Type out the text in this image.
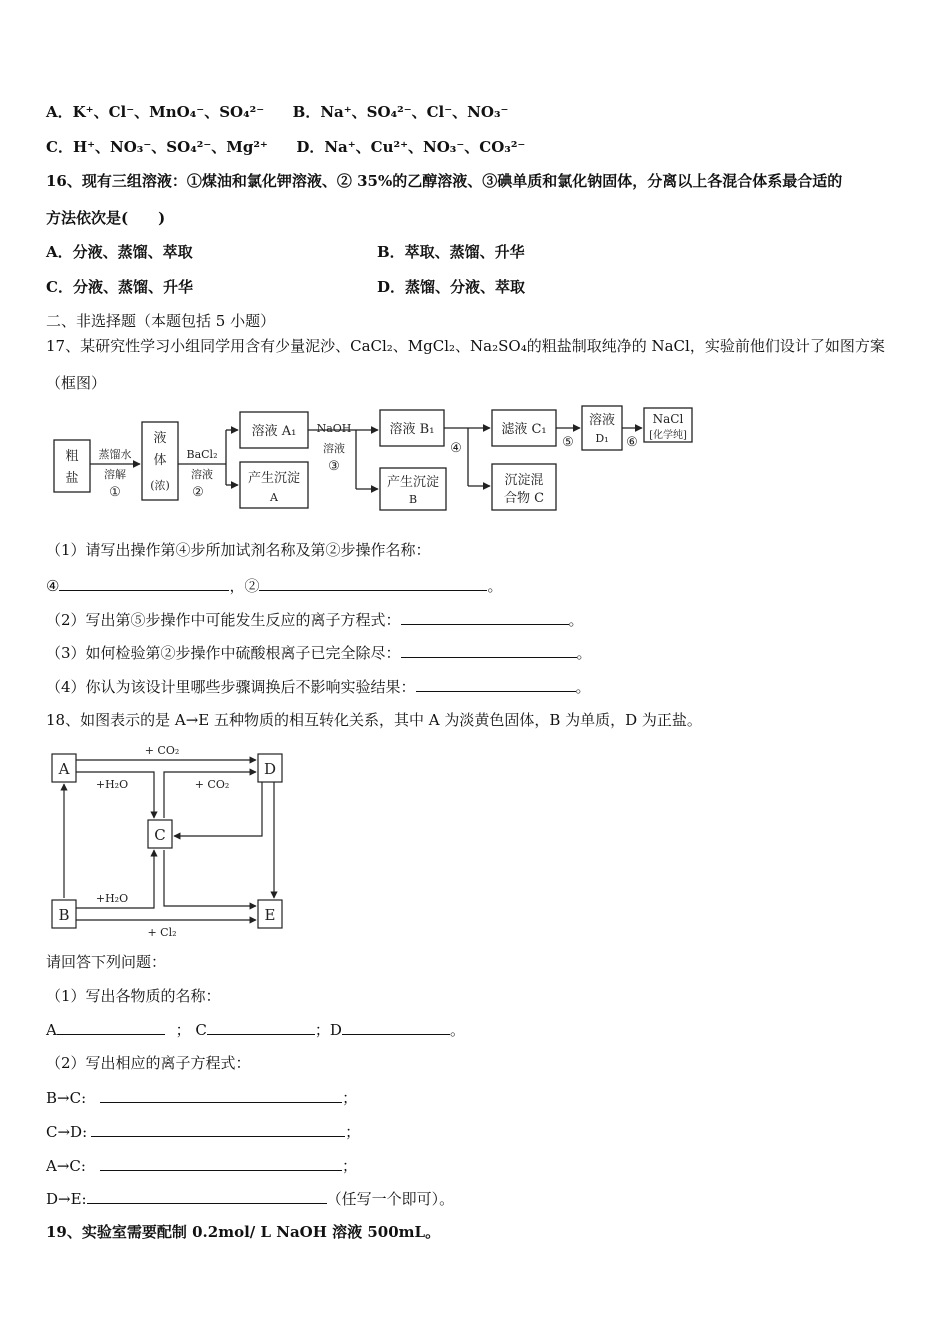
A．K⁺、Cl⁻、MnO₄⁻、SO₄²⁻ B．Na⁺、SO₄²⁻、Cl⁻、NO₃⁻
C．H⁺、NO₃⁻、SO₄²⁻、Mg²⁺ D．Na⁺、Cu²⁺、NO₃⁻、CO₃²⁻
16、现有三组溶液：①煤油和氯化钾溶液、② 35%的乙醇溶液、③碘单质和氯化钠固体，分离以上各混合体系最合适的
方法依次是(　　)
A．分液、蒸馏、萃取	B．萃取、蒸馏、升华
C．分液、蒸馏、升华	D．蒸馏、分液、萃取
二、非选择题（本题包括 5 小题）
17、某研究性学习小组同学用含有少量泥沙、CaCl₂、MgCl₂、Na₂SO₄的粗盐制取纯净的 NaCl，实验前他们设计了如图方案
（框图）
粗
盐
蒸馏水
溶解
①
液
体
(浓)
BaCl₂
溶液
②
溶液 A₁
产生沉淀
A
NaOH
溶液
③
溶液 B₁
产生沉淀
B
④
滤液 C₁
沉淀混
合物 C
⑤
溶液
D₁ ⑥
NaCl
[化学纯]
（1）请写出操作第④步所加试剂名称及第②步操作名称：
④	，②	。
（2）写出第⑤步操作中可能发生反应的离子方程式：	。
（3）如何检验第②步操作中硫酸根离子已完全除尽：	。
（4）你认为该设计里哪些步骤调换后不影响实验结果：	。
18、如图表示的是 A→E 五种物质的相互转化关系，其中 A 为淡黄色固体，B 为单质，D 为正盐。
A	D
C
B	E
+ CO₂
+H₂O	+ CO₂
+H₂O
+ Cl₂
请回答下列问题：
（1）写出各物质的名称：
A	； C	；D	。
（2）写出相应的离子方程式：
B→C:	；
C→D:	；
A→C:	；
D→E:	（任写一个即可）。
19、实验室需要配制 0.2mol/ L NaOH 溶液 500mL。
